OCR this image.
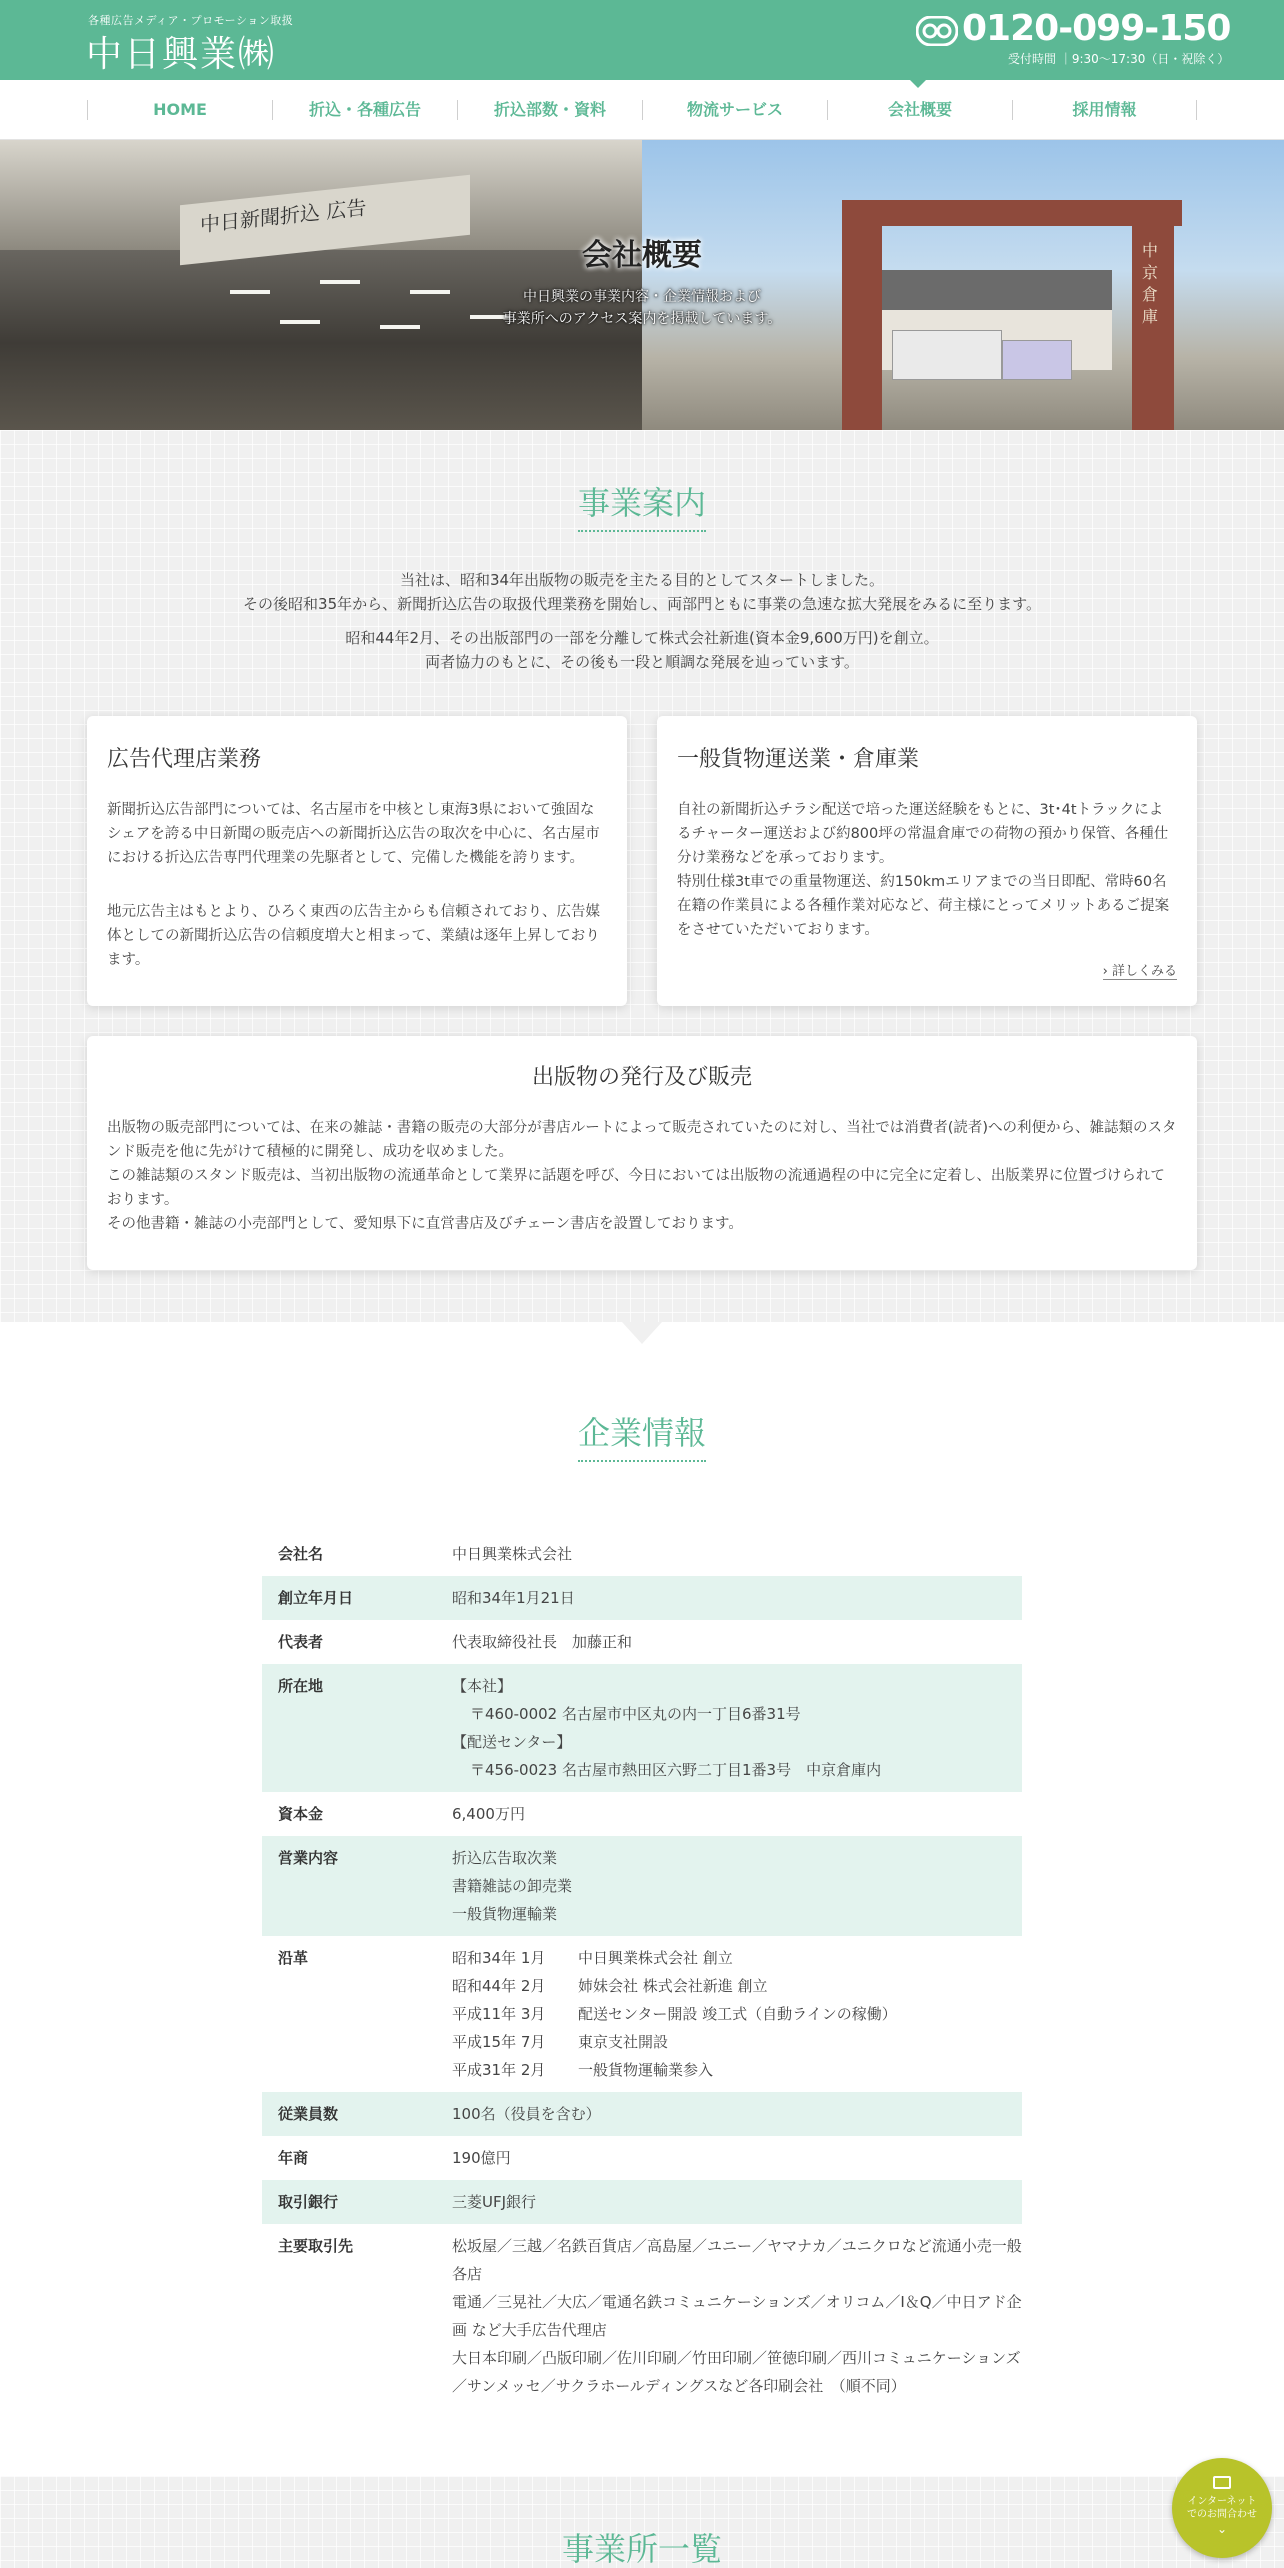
各種広告メディア・プロモーション取扱
中日興業㈱
0120-099-150
受付時間 ｜9:30〜17:30（日・祝除く）
HOME	折込・各種広告	折込部数・資料	物流サービス	会社概要	採用情報
中日新聞折込 広告
中京倉庫
会社概要
中日興業の事業内容・企業情報および
事業所へのアクセス案内を掲載しています。
事業案内
当社は、昭和34年出版物の販売を主たる目的としてスタートしました。
その後昭和35年から、新聞折込広告の取扱代理業務を開始し、両部門ともに事業の急速な拡大発展をみるに至ります。
昭和44年2月、その出版部門の一部を分離して株式会社新進(資本金9,600万円)を創立。
両者協力のもとに、その後も一段と順調な発展を辿っています。
広告代理店業務

新聞折込広告部門については、名古屋市を中核とし東海3県において強固なシェアを誇る中日新聞の販売店への新聞折込広告の取次を中心に、名古屋市における折込広告専門代理業の先駆者として、完備した機能を誇ります。

地元広告主はもとより、ひろく東西の広告主からも信頼されており、広告媒体としての新聞折込広告の信頼度増大と相まって、業績は逐年上昇しております。

一般貨物運送業・倉庫業

自社の新聞折込チラシ配送で培った運送経験をもとに、3t･4tトラックによるチャーター運送および約800坪の常温倉庫での荷物の預かり保管、各種仕分け業務などを承っております。

特別仕様3t車での重量物運送、約150kmエリアまでの当日即配、常時60名在籍の作業員による各種作業対応など、荷主様にとってメリットあるご提案をさせていただいております。

› 詳しくみる
出版物の発行及び販売

出版物の販売部門については、在来の雑誌・書籍の販売の大部分が書店ルートによって販売されていたのに対し、当社では消費者(読者)への利便から、雑誌類のスタンド販売を他に先がけて積極的に開発し、成功を収めました。

この雑誌類のスタンド販売は、当初出版物の流通革命として業界に話題を呼び、今日においては出版物の流通過程の中に完全に定着し、出版業界に位置づけられております。

その他書籍・雑誌の小売部門として、愛知県下に直営書店及びチェーン書店を設置しております。

企業情報
会社名	中日興業株式会社
創立年月日	昭和34年1月21日
代表者	代表取締役社長　加藤正和
所在地	【本社】
〒460-0002 名古屋市中区丸の内一丁目6番31号
【配送センター】
〒456-0023 名古屋市熱田区六野二丁目1番3号　中京倉庫内

資本金	6,400万円
営業内容	折込広告取次業
書籍雑誌の卸売業
一般貨物運輸業

沿革	昭和34年 1月 中日興業株式会社 創立
昭和44年 2月 姉妹会社 株式会社新進 創立
平成11年 3月 配送センター開設 竣工式（自動ラインの稼働）
平成15年 7月 東京支社開設
平成31年 2月 一般貨物運輸業参入

従業員数	100名（役員を含む）
年商	190億円
取引銀行	三菱UFJ銀行
主要取引先	松坂屋／三越／名鉄百貨店／高島屋／ユニー／ヤマナカ／ユニクロなど流通小売一般各店
電通／三晃社／大広／電通名鉄コミュニケーションズ／オリコム／I＆Q／中日アド企画 など大手広告代理店
大日本印刷／凸版印刷／佐川印刷／竹田印刷／笹徳印刷／西川コミュニケーションズ／サンメッセ／サクラホールディングスなど各印刷会社　（順不同）
事業所一覧
インターネットでのお問合わせ
⌄
